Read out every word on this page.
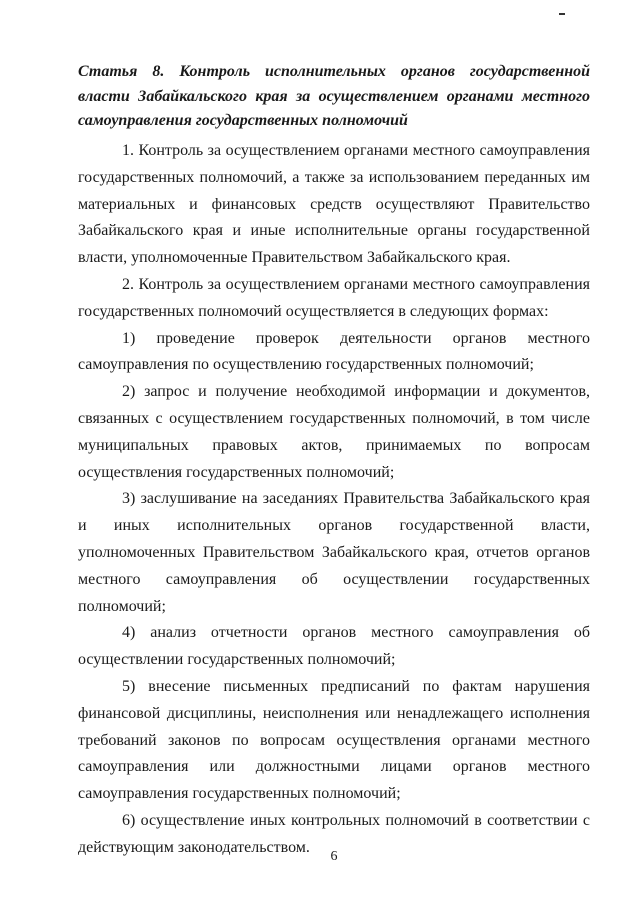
Статья 8. Контроль исполнительных органов государственной власти Забайкальского края за осуществлением органами местного самоуправления государственных полномочий

1. Контроль за осуществлением органами местного самоуправления государственных полномочий, а также за использованием переданных им материальных и финансовых средств осуществляют Правительство Забайкальского края и иные исполнительные органы государственной власти, уполномоченные Правительством Забайкальского края.

2. Контроль за осуществлением органами местного самоуправления государственных полномочий осуществляется в следующих формах:

1) проведение проверок деятельности органов местного самоуправления по осуществлению государственных полномочий;

2) запрос и получение необходимой информации и документов, связанных с осуществлением государственных полномочий, в том числе муниципальных правовых актов, принимаемых по вопросам осуществления государственных полномочий;

3) заслушивание на заседаниях Правительства Забайкальского края и иных исполнительных органов государственной власти, уполномоченных Правительством Забайкальского края, отчетов органов местного самоуправления об осуществлении государственных полномочий;

4) анализ отчетности органов местного самоуправления об осуществлении государственных полномочий;

5) внесение письменных предписаний по фактам нарушения финансовой дисциплины, неисполнения или ненадлежащего исполнения требований законов по вопросам осуществления органами местного самоуправления или должностными лицами органов местного самоуправления государственных полномочий;

6) осуществление иных контрольных полномочий в соответствии с действующим законодательством.

6
